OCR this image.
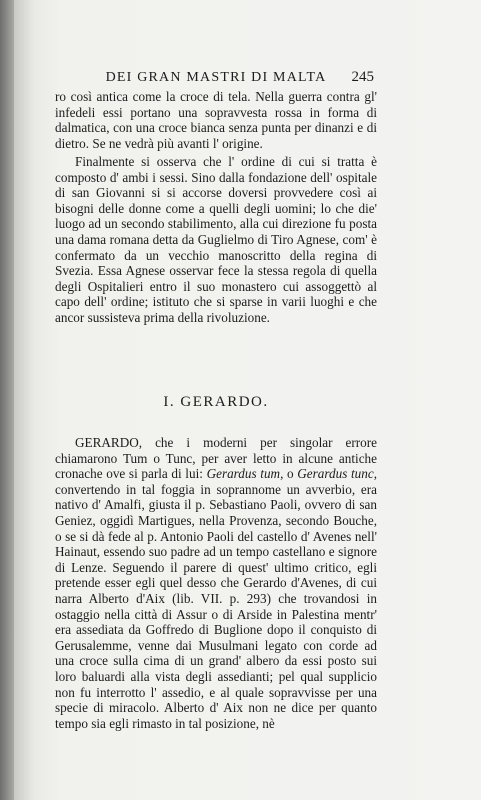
DEI GRAN MASTRI DI MALTA	245

ro così antica come la croce di tela. Nella guerra contra gl' infedeli essi portano una sopravvesta rossa in forma di dalmatica, con una croce bianca senza punta per dinanzi e di dietro. Se ne vedrà più avanti l' origine.

Finalmente si osserva che l' ordine di cui si tratta è composto d' ambi i sessi. Sino dalla fondazione dell' ospitale di san Giovanni si si accorse doversi provvedere così ai bisogni delle donne come a quelli degli uomini; lo che die' luogo ad un secondo stabilimento, alla cui direzione fu posta una dama romana detta da Guglielmo di Tiro Agnese, com' è confermato da un vecchio manoscritto della regina di Svezia. Essa Agnese osservar fece la stessa regola di quella degli Ospitalieri entro il suo monastero cui assoggettò al capo dell' ordine; istituto che si sparse in varii luoghi e che ancor sussisteva prima della rivoluzione.

I. GERARDO.

GERARDO, che i moderni per singolar errore chiamarono Tum o Tunc, per aver letto in alcune antiche cronache ove si parla di lui: Gerardus tum, o Gerardus tunc, convertendo in tal foggia in soprannome un avverbio, era nativo d' Amalfi, giusta il p. Sebastiano Paoli, ovvero di san Geniez, oggidì Martigues, nella Provenza, secondo Bouche, o se si dà fede al p. Antonio Paoli del castello d' Avenes nell' Hainaut, essendo suo padre ad un tempo castellano e signore di Lenze. Seguendo il parere di quest' ultimo critico, egli pretende esser egli quel desso che Gerardo d'Avenes, di cui narra Alberto d'Aix (lib. VII. p. 293) che trovandosi in ostaggio nella città di Assur o di Arside in Palestina mentr' era assediata da Goffredo di Buglione dopo il conquisto di Gerusalemme, venne dai Musulmani legato con corde ad una croce sulla cima di un grand' albero da essi posto sui loro baluardi alla vista degli assedianti; pel qual supplicio non fu interrotto l' assedio, e al quale sopravvisse per una specie di miracolo. Alberto d' Aix non ne dice per quanto tempo sia egli rimasto in tal posizione, nè
